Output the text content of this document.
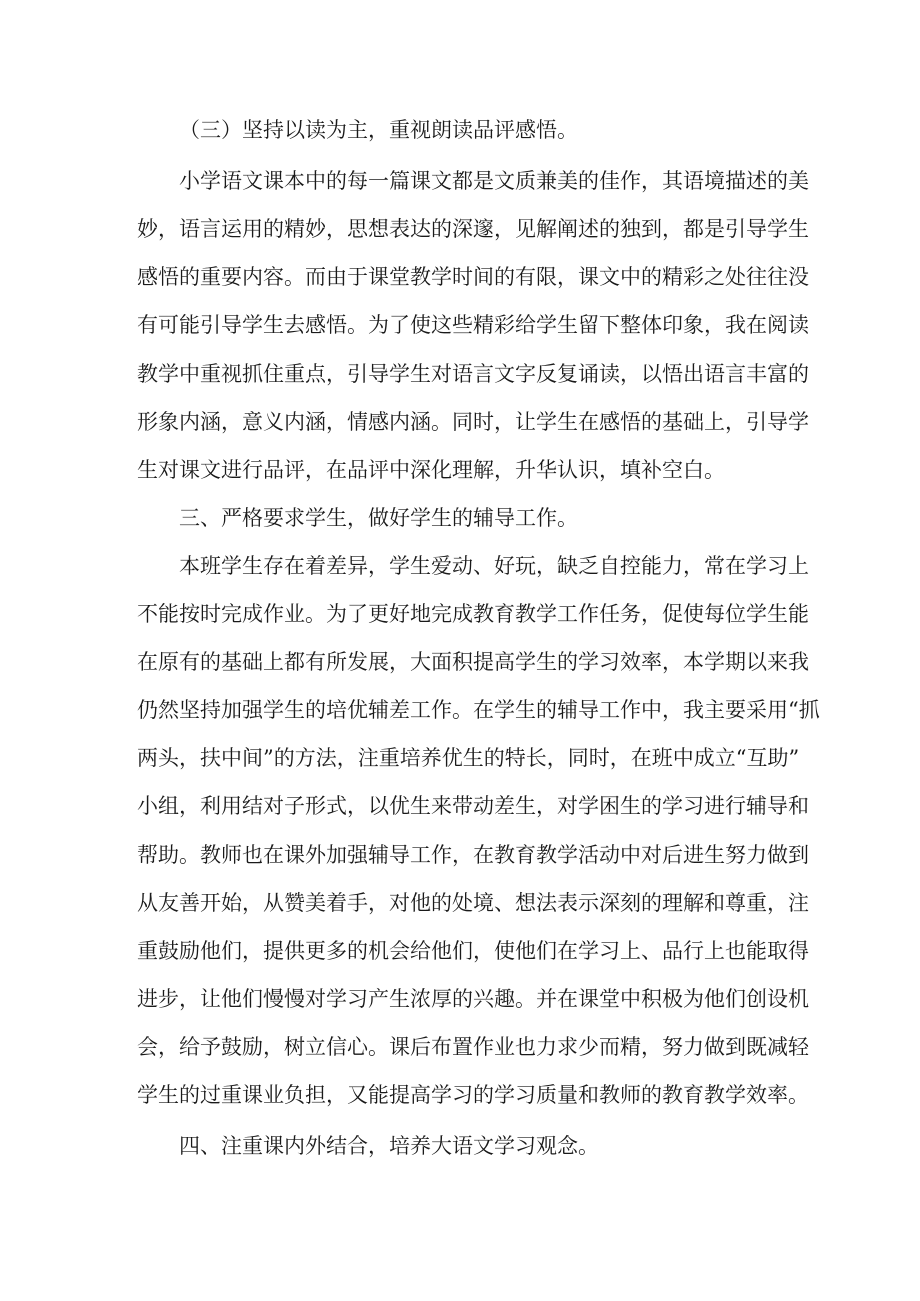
（三）坚持以读为主，重视朗读品评感悟。
小学语文课本中的每一篇课文都是文质兼美的佳作，其语境描述的美
妙，语言运用的精妙，思想表达的深邃，见解阐述的独到，都是引导学生
感悟的重要内容。而由于课堂教学时间的有限，课文中的精彩之处往往没
有可能引导学生去感悟。为了使这些精彩给学生留下整体印象，我在阅读
教学中重视抓住重点，引导学生对语言文字反复诵读，以悟出语言丰富的
形象内涵，意义内涵，情感内涵。同时，让学生在感悟的基础上，引导学
生对课文进行品评，在品评中深化理解，升华认识，填补空白。
三、严格要求学生，做好学生的辅导工作。
本班学生存在着差异，学生爱动、好玩，缺乏自控能力，常在学习上
不能按时完成作业。为了更好地完成教育教学工作任务，促使每位学生能
在原有的基础上都有所发展，大面积提高学生的学习效率，本学期以来我
仍然坚持加强学生的培优辅差工作。在学生的辅导工作中，我主要采用“抓
两头，扶中间”的方法，注重培养优生的特长，同时，在班中成立“互助”
小组，利用结对子形式，以优生来带动差生，对学困生的学习进行辅导和
帮助。教师也在课外加强辅导工作，在教育教学活动中对后进生努力做到
从友善开始，从赞美着手，对他的处境、想法表示深刻的理解和尊重，注
重鼓励他们，提供更多的机会给他们，使他们在学习上、品行上也能取得
进步，让他们慢慢对学习产生浓厚的兴趣。并在课堂中积极为他们创设机
会，给予鼓励，树立信心。课后布置作业也力求少而精，努力做到既减轻
学生的过重课业负担，又能提高学习的学习质量和教师的教育教学效率。
四、注重课内外结合，培养大语文学习观念。
